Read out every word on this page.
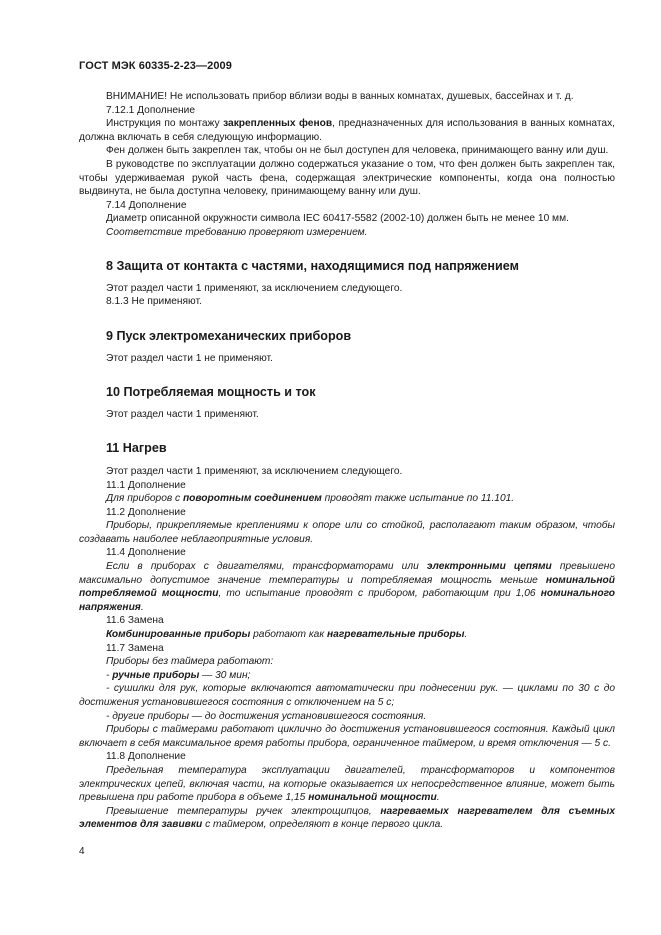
ГОСТ МЭК 60335-2-23—2009

ВНИМАНИЕ! Не использовать прибор вблизи воды в ванных комнатах, душевых, бассейнах и т. д.

7.12.1 Дополнение

Инструкция по монтажу закрепленных фенов, предназначенных для использования в ванных комнатах, должна включать в себя следующую информацию.

Фен должен быть закреплен так, чтобы он не был доступен для человека, принимающего ванну или душ.

В руководстве по эксплуатации должно содержаться указание о том, что фен должен быть закреплен так, чтобы удерживаемая рукой часть фена, содержащая электрические компоненты, когда она полностью выдвинута, не была доступна человеку, принимающему ванну или душ.

7.14 Дополнение

Диаметр описанной окружности символа IEC 60417-5582 (2002-10) должен быть не менее 10 мм.

Соответствие требованию проверяют измерением.

8 Защита от контакта с частями, находящимися под напряжением

Этот раздел части 1 применяют, за исключением следующего.

8.1.3 Не применяют.

9 Пуск электромеханических приборов

Этот раздел части 1 не применяют.

10 Потребляемая мощность и ток

Этот раздел части 1 применяют.

11 Нагрев

Этот раздел части 1 применяют, за исключением следующего.

11.1 Дополнение

Для приборов с поворотным соединением проводят также испытание по 11.101.

11.2 Дополнение

Приборы, прикрепляемые креплениями к опоре или со стойкой, располагают таким образом, чтобы создавать наиболее неблагоприятные условия.

11.4 Дополнение

Если в приборах с двигателями, трансформаторами или электронными цепями превышено максимально допустимое значение температуры и потребляемая мощность меньше номинальной потребляемой мощности, то испытание проводят с прибором, работающим при 1,06 номинального напряжения.

11.6 Замена

Комбинированные приборы работают как нагревательные приборы.

11.7 Замена

Приборы без таймера работают:

- ручные приборы — 30 мин;

- сушилки для рук, которые включаются автоматически при поднесении рук. — циклами по 30 с до достижения установившегося состояния с отключением на 5 с;

- другие приборы — до достижения установившегося состояния.

Приборы с таймерами работают циклично до достижения установившегося состояния. Каждый цикл включает в себя максимальное время работы прибора, ограниченное таймером, и время отключения — 5 с.

11.8 Дополнение

Предельная температура эксплуатации двигателей, трансформаторов и компонентов электрических цепей, включая части, на которые оказывается их непосредственное влияние, может быть превышена при работе прибора в объеме 1,15 номинальной мощности.

Превышение температуры ручек электрощипцов, нагреваемых нагревателем для съемных элементов для завивки с таймером, определяют в конце первого цикла.

4
